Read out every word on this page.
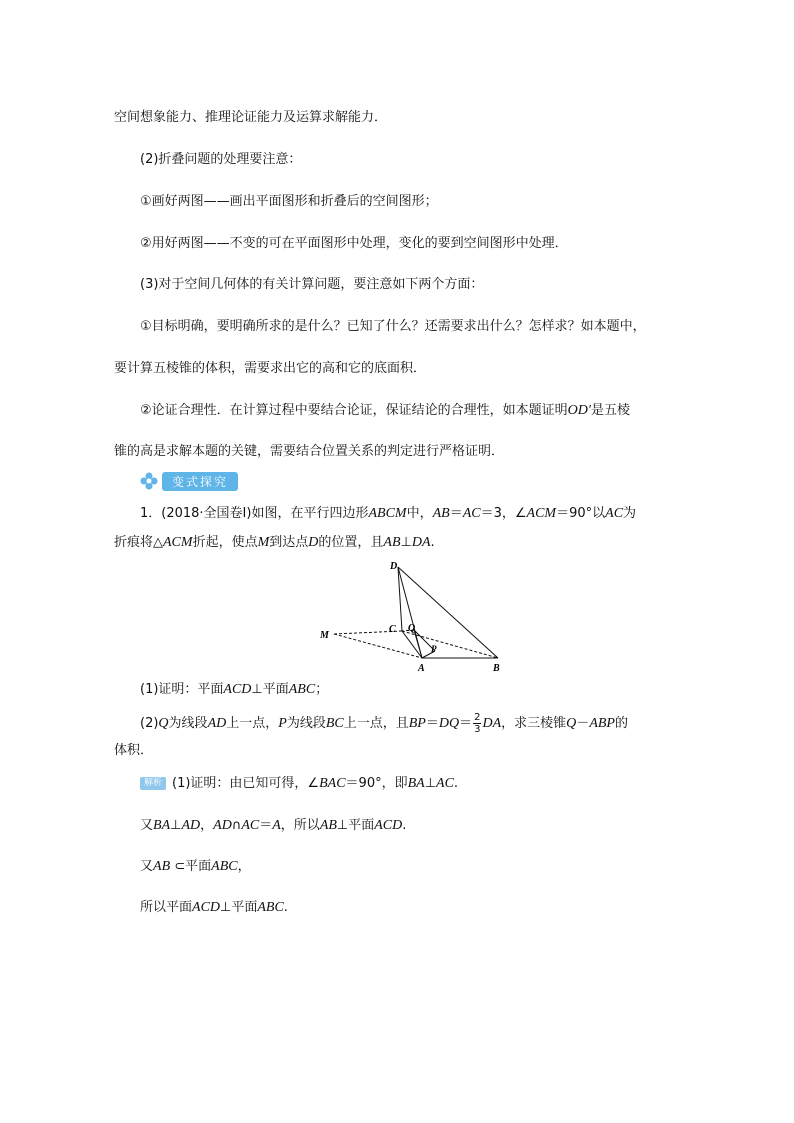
空间想象能力、推理论证能力及运算求解能力．
(2)折叠问题的处理要注意：
①画好两图——画出平面图形和折叠后的空间图形；
②用好两图——不变的可在平面图形中处理，变化的要到空间图形中处理．
(3)对于空间几何体的有关计算问题，要注意如下两个方面：
①目标明确，要明确所求的是什么？已知了什么？还需要求出什么？怎样求？如本题中，
要计算五棱锥的体积，需要求出它的高和它的底面积．
②论证合理性．在计算过程中要结合论证，保证结论的合理性，如本题证明OD′是五棱
锥的高是求解本题的关键，需要结合位置关系的判定进行严格证明．
变式探究
1．(2018·全国卷Ⅰ)如图，在平行四边形ABCM中，AB＝AC＝3，∠ACM＝90°以AC为
折痕将△ACM折起，使点M到达点D的位置，且AB⊥DA.
D
C Q
P
M
A	B
(1)证明：平面ACD⊥平面ABC；
(2)Q为线段AD上一点，P为线段BC上一点，且$BP=DQ= \frac{2}{3}$ DA，求三棱锥Q－ABP的
体积．
解析 (1)证明：由已知可得，∠BAC＝90°，即BA⊥AC.
又BA⊥AD，AD∩AC＝A，所以AB⊥平面ACD.
又AB ⊂平面ABC，
所以平面ACD⊥平面ABC.
